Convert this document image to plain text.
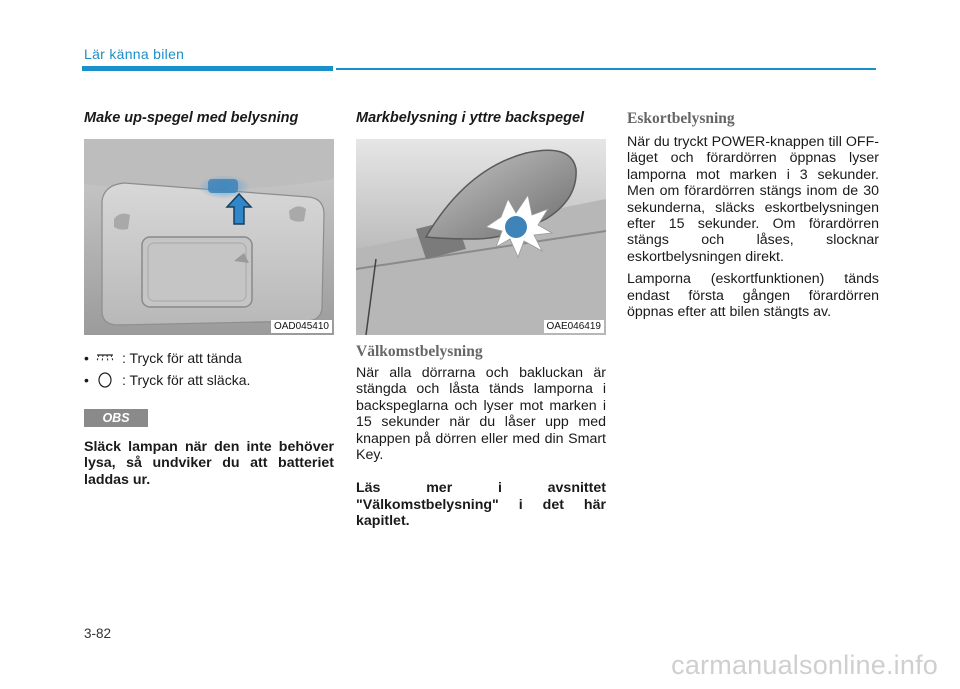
Lär känna bilen

Make up-spegel med belysning

OAD045410
•	: Tryck för att tända
•	: Tryck för att släcka.
OBS

Släck lampan när den inte behöver lysa, så undviker du att batteriet laddas ur.

Markbelysning i yttre backspegel

OAE046419

Välkomstbelysning

När alla dörrarna och bakluckan är stängda och låsta tänds lamporna i backspeglarna och lyser mot marken i 15 sekunder när du låser upp med knappen på dörren eller med din Smart Key.

Läs mer i avsnittet "Välkomstbelysning" i det här kapitlet.

Eskortbelysning

När du tryckt POWER-knappen till OFF-läget och förardörren öppnas lyser lamporna mot marken i 3 sekunder. Men om förardörren stängs inom de 30 sekunderna, släcks eskortbelysningen efter 15 sekunder. Om förardörren stängs och låses, slocknar eskortbelysningen direkt.

Lamporna (eskortfunktionen) tänds endast första gången förardörren öppnas efter att bilen stängts av.

3-82
carmanualsonline.info
